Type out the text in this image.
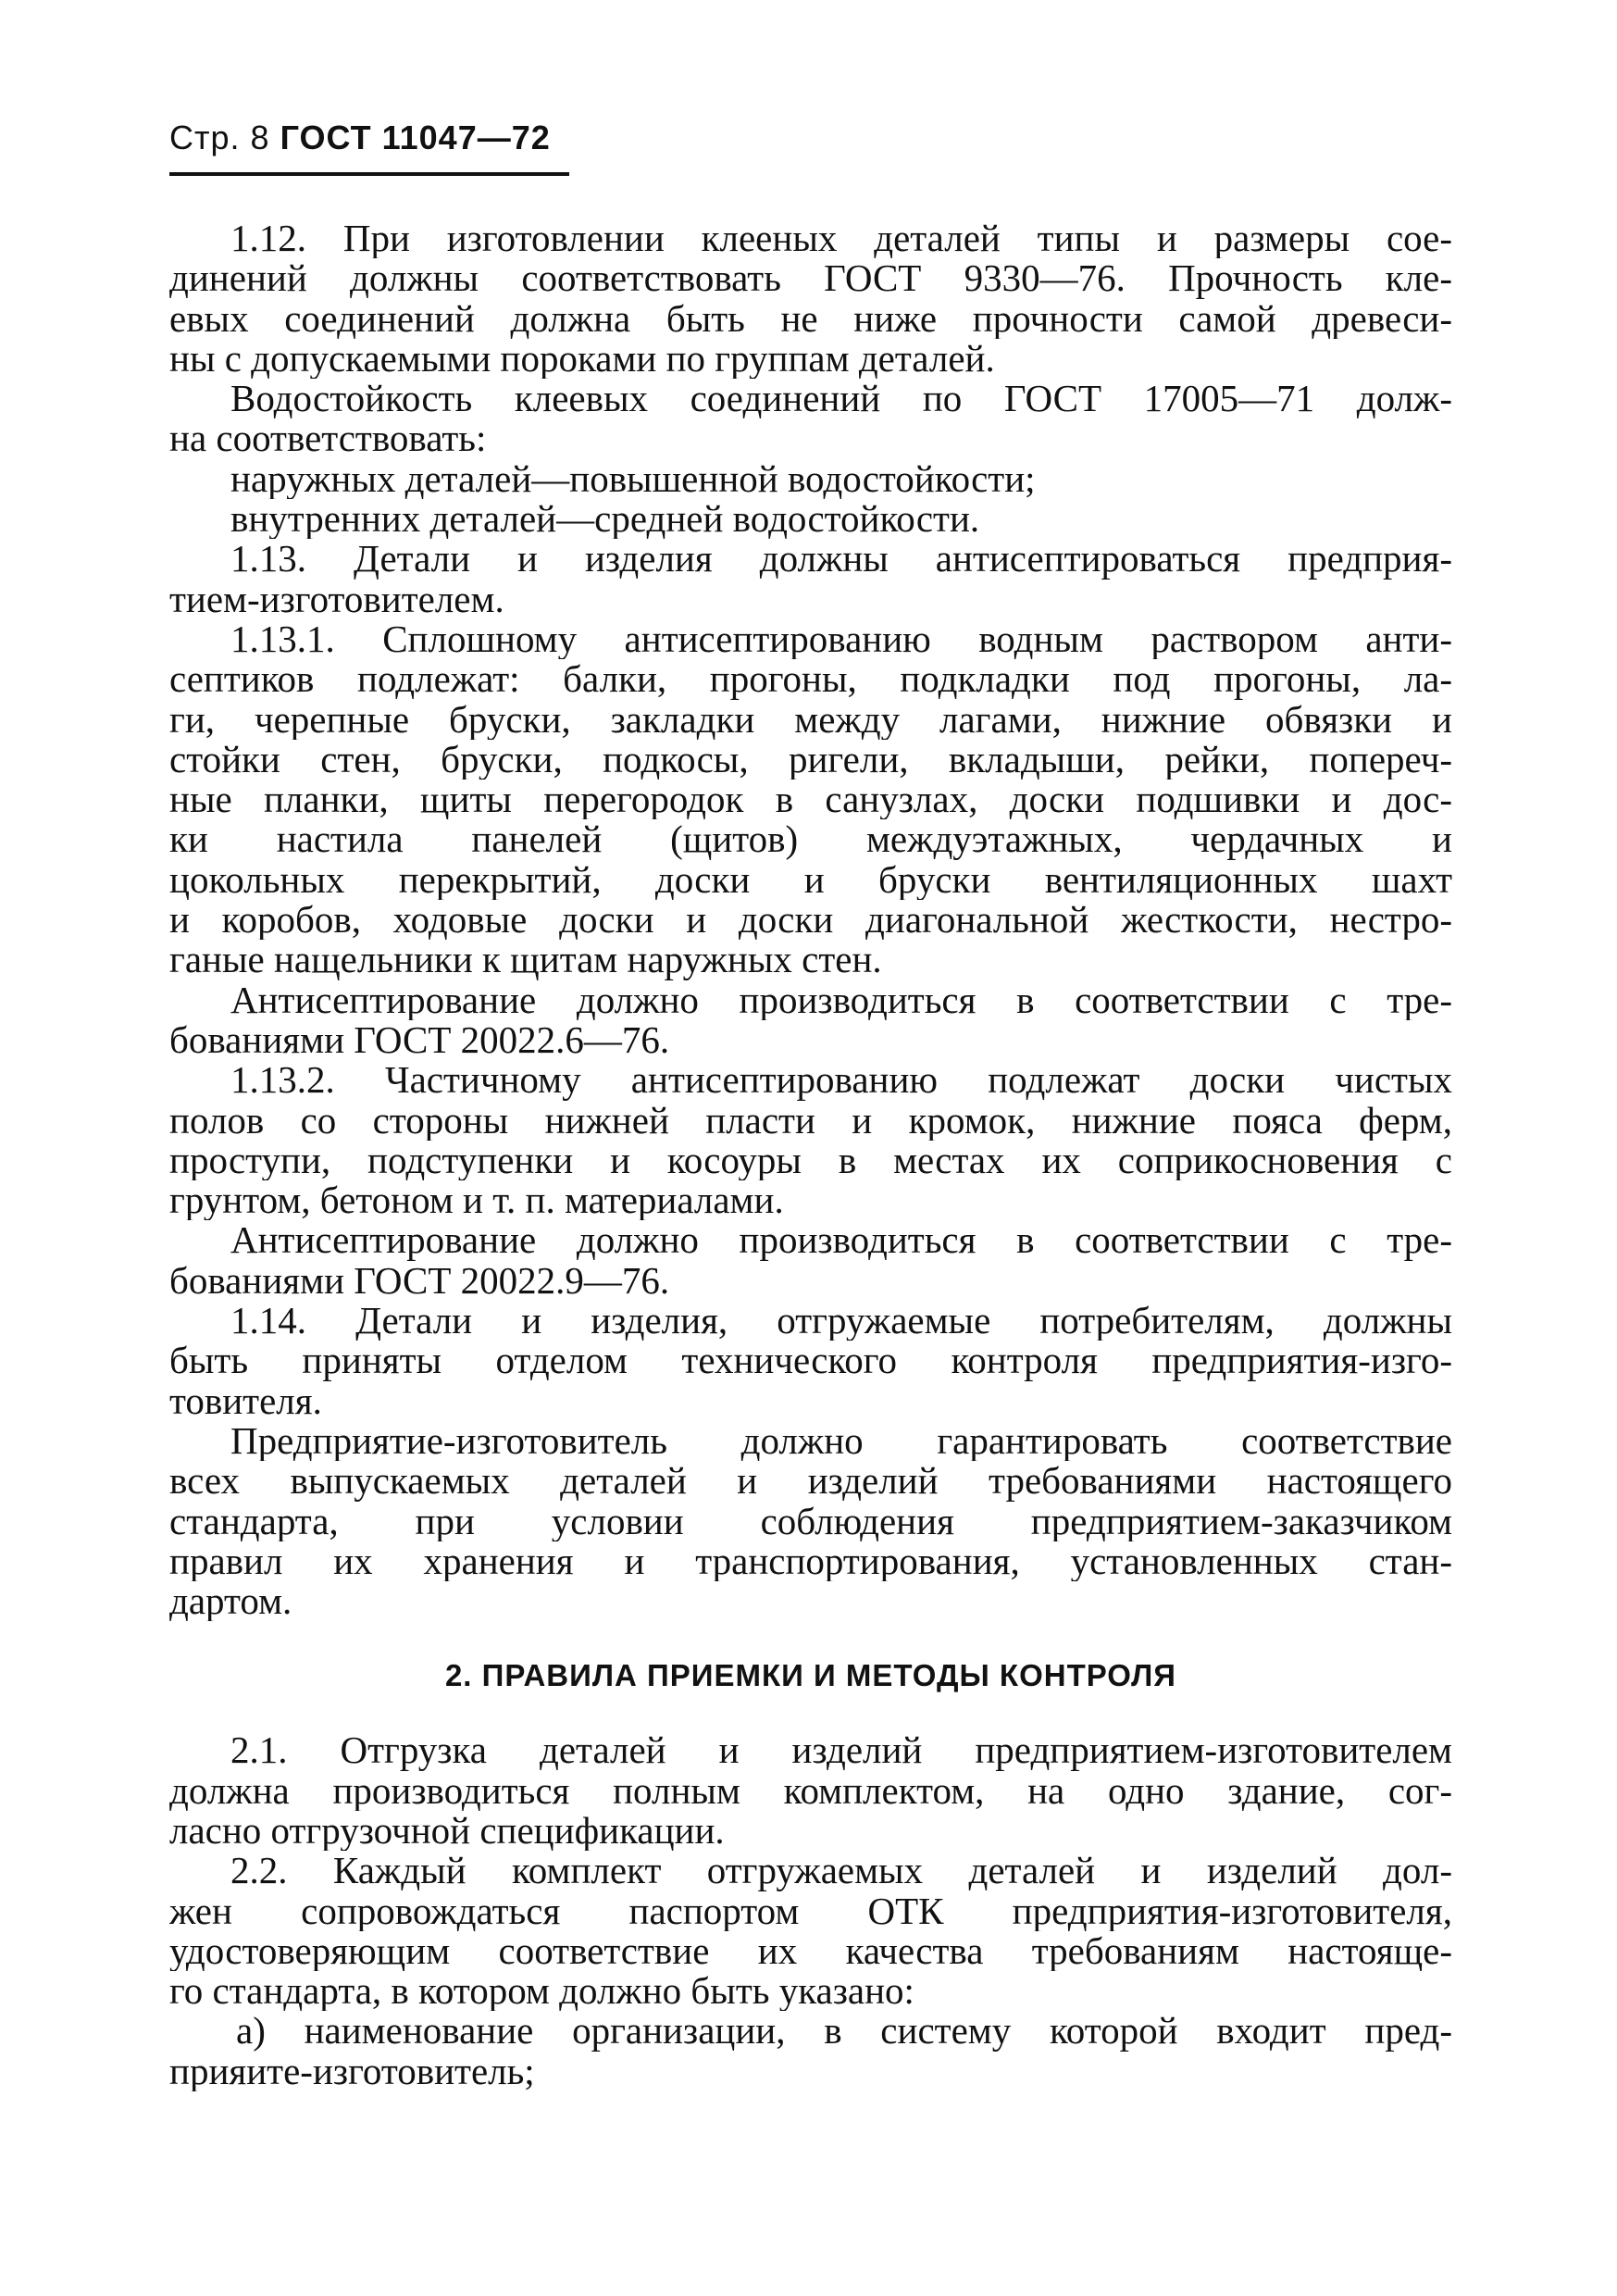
Стр. 8 ГОСТ 11047—72
1.12. При изготовлении клееных деталей типы и размеры сое-
динений должны соответствовать ГОСТ 9330—76. Прочность кле-
евых соединений должна быть не ниже прочности самой древеси-
ны с допускаемыми пороками по группам деталей.
Водостойкость клеевых соединений по ГОСТ 17005—71 долж-
на соответствовать:
наружных деталей—повышенной водостойкости;
внутренних деталей—средней водостойкости.
1.13. Детали и изделия должны антисептироваться предприя-
тием-изготовителем.
1.13.1. Сплошному антисептированию водным раствором анти-
септиков подлежат: балки, прогоны, подкладки под прогоны, ла-
ги, черепные бруски, закладки между лагами, нижние обвязки и
стойки стен, бруски, подкосы, ригели, вкладыши, рейки, попереч-
ные планки, щиты перегородок в санузлах, доски подшивки и дос-
ки настила панелей (щитов) междуэтажных, чердачных и
цокольных перекрытий, доски и бруски вентиляционных шахт
и коробов, ходовые доски и доски диагональной жесткости, нестро-
ганые нащельники к щитам наружных стен.
Антисептирование должно производиться в соответствии с тре-
бованиями ГОСТ 20022.6—76.
1.13.2. Частичному антисептированию подлежат доски чистых
полов со стороны нижней пласти и кромок, нижние пояса ферм,
проступи, подступенки и косоуры в местах их соприкосновения с
грунтом, бетоном и т. п. материалами.
Антисептирование должно производиться в соответствии с тре-
бованиями ГОСТ 20022.9—76.
1.14. Детали и изделия, отгружаемые потребителям, должны
быть приняты отделом технического контроля предприятия-изго-
товителя.
Предприятие-изготовитель должно гарантировать соответствие
всех выпускаемых деталей и изделий требованиями настоящего
стандарта, при условии соблюдения предприятием-заказчиком
правил их хранения и транспортирования, установленных стан-
дартом.
2. ПРАВИЛА ПРИЕМКИ И МЕТОДЫ КОНТРОЛЯ
2.1. Отгрузка деталей и изделий предприятием-изготовителем
должна производиться полным комплектом, на одно здание, сог-
ласно отгрузочной спецификации.
2.2. Каждый комплект отгружаемых деталей и изделий дол-
жен сопровождаться паспортом ОТК предприятия-изготовителя,
удостоверяющим соответствие их качества требованиям настояще-
го стандарта, в котором должно быть указано:
а) наименование организации, в систему которой входит пред-
прияите-изготовитель;
